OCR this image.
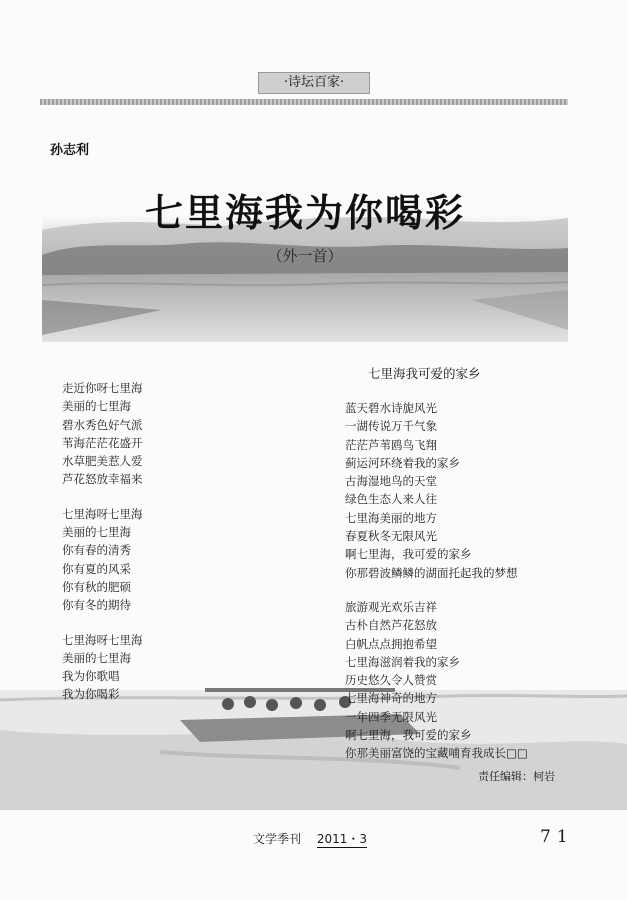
·诗坛百家·
孙志利
七里海我为你喝彩
（外一首）
走近你呀七里海
美丽的七里海
碧水秀色好气派
苇海茫茫花盛开
水草肥美惹人爱
芦花怒放幸福来
七里海呀七里海
美丽的七里海
你有春的清秀
你有夏的风采
你有秋的肥硕
你有冬的期待
七里海呀七里海
美丽的七里海
我为你歌唱
我为你喝彩
七里海我可爱的家乡
蓝天碧水诗旎风光
一湖传说万千气象
茫茫芦苇鸥鸟飞翔
蓟运河环绕着我的家乡
古海湿地鸟的天堂
绿色生态人来人往
七里海美丽的地方
春夏秋冬无限风光
啊七里海，我可爱的家乡
你那碧波鳞鳞的湖面托起我的梦想
旅游观光欢乐吉祥
古朴自然芦花怒放
白帆点点拥抱希望
七里海滋润着我的家乡
历史悠久令人赞赏
七里海神奇的地方
一年四季无限风光
啊七里海，我可爱的家乡
你那美丽富饶的宝藏哺育我成长□□
责任编辑：柯岩
文学季刊 2011・3	71
